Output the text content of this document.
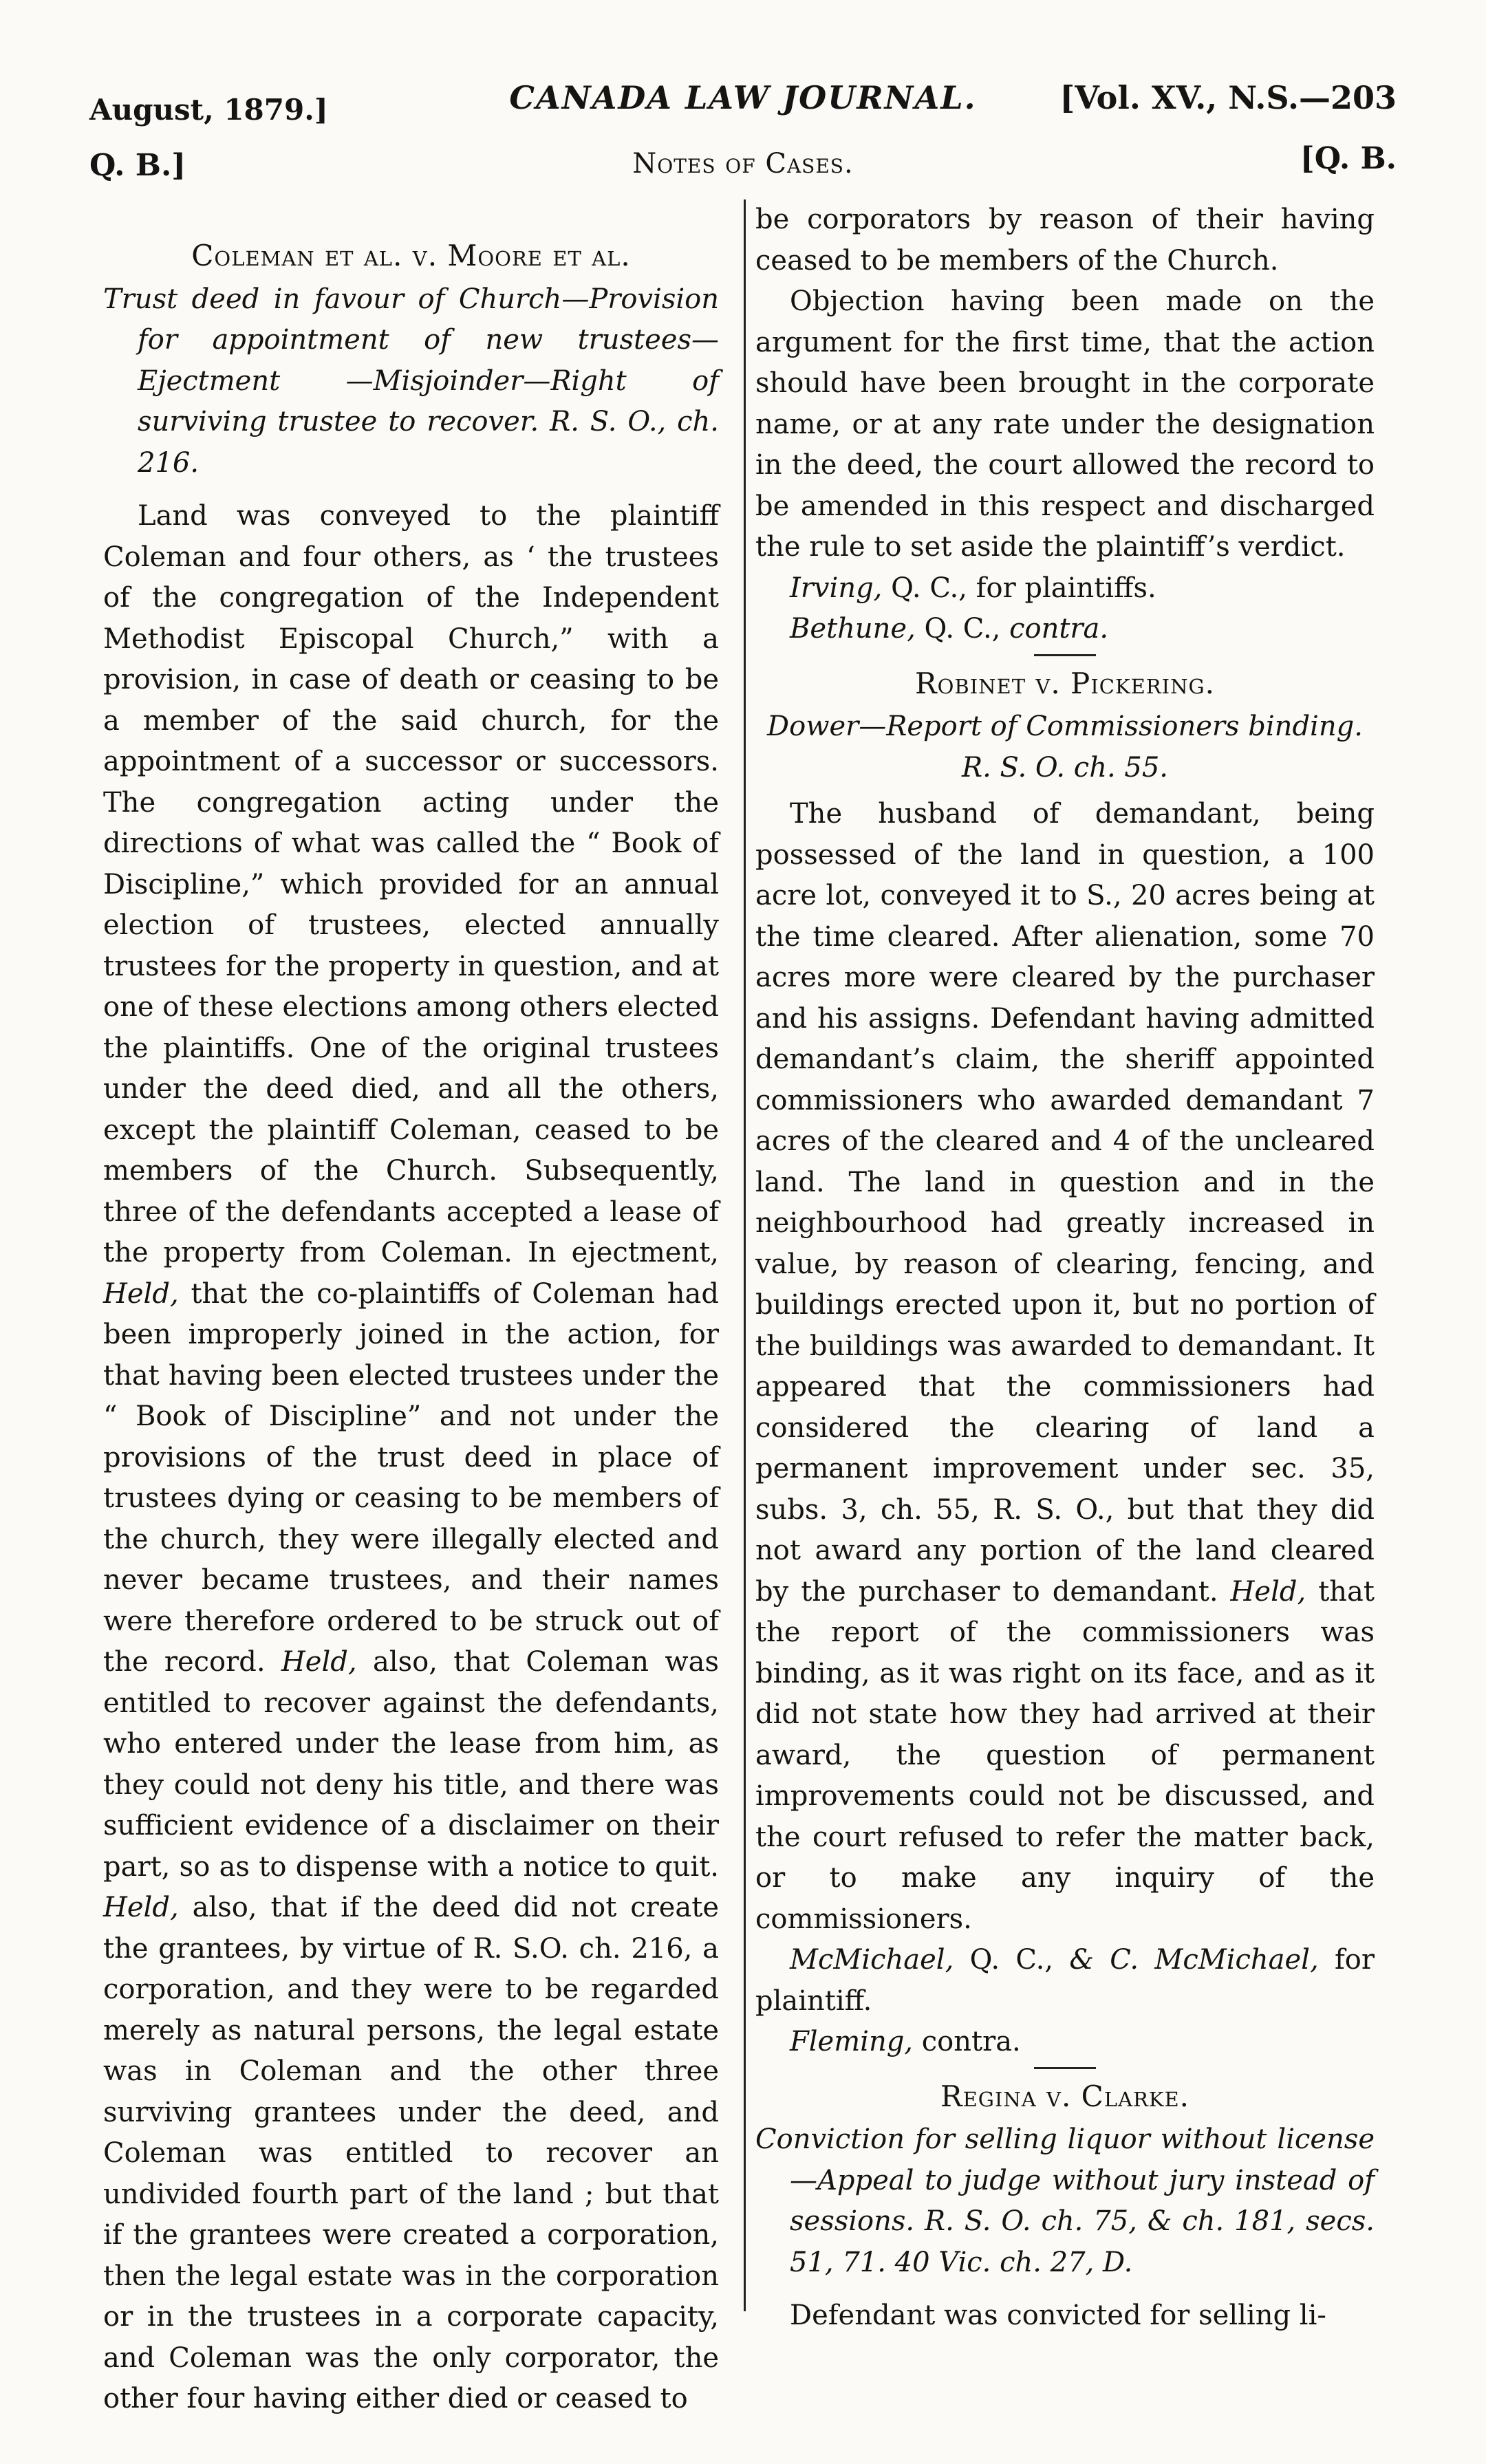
August, 1879.]	CANADA LAW JOURNAL.	[Vol. XV., N.S.—203
Q. B.]	Notes of Cases.	[Q. B.
Coleman et al. v. Moore et al.

Trust deed in favour of Church—Provision for appointment of new trustees—Ejectment —Misjoinder—Right of surviving trustee to recover. R. S. O., ch. 216.

Land was conveyed to the plaintiff Coleman and four others, as ‘ the trustees of the congregation of the Independent Methodist Episcopal Church,” with a provision, in case of death or ceasing to be a member of the said church, for the appointment of a successor or successors. The congregation acting under the directions of what was called the “ Book of Discipline,” which provided for an annual election of trustees, elected annually trustees for the property in question, and at one of these elections among others elected the plaintiffs. One of the original trustees under the deed died, and all the others, except the plaintiff Coleman, ceased to be members of the Church. Subsequently, three of the defendants accepted a lease of the property from Coleman. In ejectment, Held, that the co-plaintiffs of Coleman had been improperly joined in the action, for that having been elected trustees under the “ Book of Discipline” and not under the provisions of the trust deed in place of trustees dying or ceasing to be members of the church, they were illegally elected and never became trustees, and their names were therefore ordered to be struck out of the record. Held, also, that Coleman was entitled to recover against the defendants, who entered under the lease from him, as they could not deny his title, and there was sufficient evidence of a disclaimer on their part, so as to dispense with a notice to quit. Held, also, that if the deed did not create the grantees, by virtue of R. S.O. ch. 216, a corporation, and they were to be regarded merely as natural persons, the legal estate was in Coleman and the other three surviving grantees under the deed, and Coleman was entitled to recover an undivided fourth part of the land ; but that if the grantees were created a corporation, then the legal estate was in the corporation or in the trustees in a corporate capacity, and Coleman was the only corporator, the other four having either died or ceased to

be corporators by reason of their having ceased to be members of the Church.

Objection having been made on the argument for the first time, that the action should have been brought in the corporate name, or at any rate under the designation in the deed, the court allowed the record to be amended in this respect and discharged the rule to set aside the plaintiff’s verdict.

Irving, Q. C., for plaintiffs.

Bethune, Q. C., contra.

Robinet v. Pickering.

Dower—Report of Commissioners binding.
R. S. O. ch. 55.

The husband of demandant, being possessed of the land in question, a 100 acre lot, conveyed it to S., 20 acres being at the time cleared. After alienation, some 70 acres more were cleared by the purchaser and his assigns. Defendant having admitted demandant’s claim, the sheriff appointed commissioners who awarded demandant 7 acres of the cleared and 4 of the uncleared land. The land in question and in the neighbourhood had greatly increased in value, by reason of clearing, fencing, and buildings erected upon it, but no portion of the buildings was awarded to demandant. It appeared that the commissioners had considered the clearing of land a permanent improvement under sec. 35, subs. 3, ch. 55, R. S. O., but that they did not award any portion of the land cleared by the purchaser to demandant. Held, that the report of the commissioners was binding, as it was right on its face, and as it did not state how they had arrived at their award, the question of permanent improvements could not be discussed, and the court refused to refer the matter back, or to make any inquiry of the commissioners.

McMichael, Q. C., & C. McMichael, for plaintiff.

Fleming, contra.

Regina v. Clarke.

Conviction for selling liquor without license—Appeal to judge without jury instead of sessions. R. S. O. ch. 75, & ch. 181, secs. 51, 71. 40 Vic. ch. 27, D.

Defendant was convicted for selling li-
